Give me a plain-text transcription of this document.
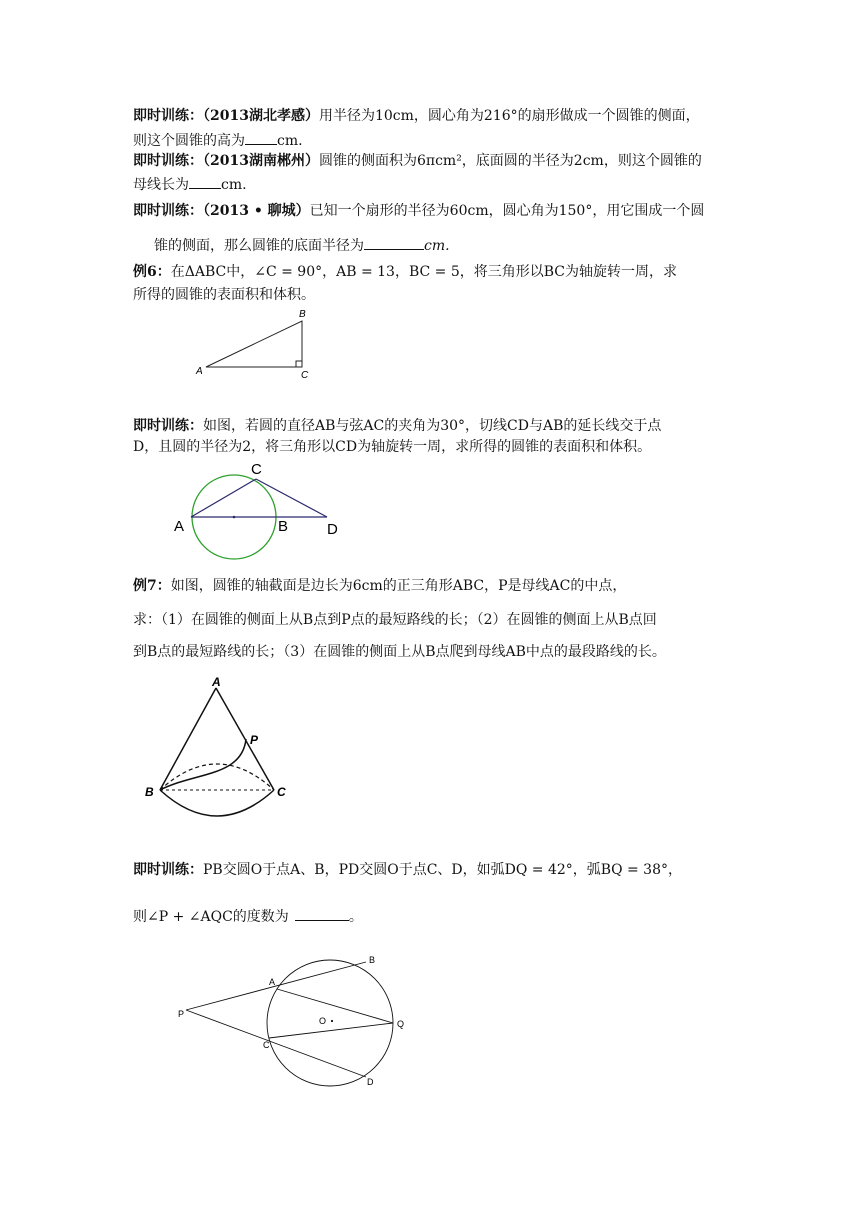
即时训练：（2013湖北孝感）用半径为10cm，圆心角为216°的扇形做成一个圆锥的侧面，
则这个圆锥的高为 cm.
即时训练：（2013湖南郴州）圆锥的侧面积为6πcm²，底面圆的半径为2cm，则这个圆锥的
母线长为 cm.
即时训练：（2013 • 聊城）已知一个扇形的半径为60cm，圆心角为150°，用它围成一个圆
锥的侧面，那么圆锥的底面半径为	cm.
例6：在ΔABC中，∠C = 90°，AB = 13，BC = 5，将三角形以BC为轴旋转一周，求
所得的圆锥的表面积和体积。
A
B
C
即时训练：如图，若圆的直径AB与弦AC的夹角为30°，切线CD与AB的延长线交于点
D，且圆的半径为2，将三角形以CD为轴旋转一周，求所得的圆锥的表面积和体积。
A
C
B	D
例7：如图，圆锥的轴截面是边长为6cm的正三角形ABC，P是母线AC的中点，
求：（1）在圆锥的侧面上从B点到P点的最短路线的长；（2）在圆锥的侧面上从B点回
到B点的最短路线的长；（3）在圆锥的侧面上从B点爬到母线AB中点的最段路线的长。
A
P
B	C
即时训练：PB交圆O于点A、B，PD交圆O于点C、D，如弧DQ = 42°，弧BQ = 38°，
则∠P + ∠AQC的度数为	。
P
A
B
C
D
Q
O
